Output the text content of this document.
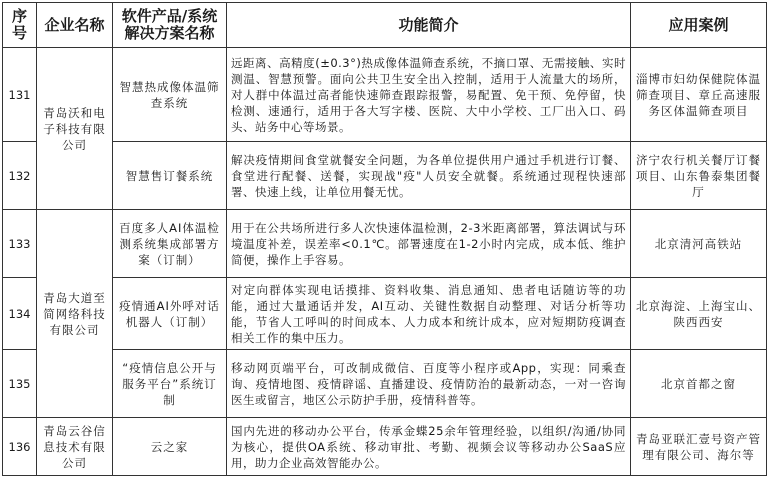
序号	企业名称	软件产品/系统解决方案名称	功能简介	应用案例
131	青岛沃和电子科技有限公司	智慧热成像体温筛查系统	远距离、高精度(±0.3°)热成像体温筛查系统，不摘口罩、无需接触、实时测温、智慧预警。面向公共卫生安全出入控制，适用于人流量大的场所，对人群中体温过高者能快速筛查跟踪报警，易配置、免干预、免停留，快检测、速通行，适用于各大写字楼、医院、大中小学校、工厂出入口、码头、站务中心等场景。	淄博市妇幼保健院体温筛查项目、章丘高速服务区体温筛查项目
132		智慧售订餐系统	解决疫情期间食堂就餐安全问题，为各单位提供用户通过手机进行订餐、食堂进行配餐、送餐，实现战"疫"人员安全就餐。系统通过现程快速部署、快速上线，让单位用餐无忧。	济宁农行机关餐厅订餐项目、山东鲁泰集团餐厅
133	青岛大道至简网络科技有限公司	百度多人AI体温检测系统集成部署方案（订制）	用于在公共场所进行多人次快速体温检测，2-3米距离部署，算法调试与环境温度补差，误差率<0.1℃。部署速度在1-2小时内完成，成本低、维护简便，操作上手容易。	北京清河高铁站
134		疫情通AI外呼对话机器人（订制）	对定向群体实现电话摸排、资料收集、消息通知、患者电话随访等的功能，通过大量通话并发，AI互动、关键性数据自动整理、对话分析等功能，节省人工呼叫的时间成本、人力成本和统计成本，应对短期防疫调查相关工作的集中压力。	北京海淀、上海宝山、陕西西安
135		“疫情信息公开与服务平台”系统订制	移动网页端平台，可改制成微信、百度等小程序或App，实现：同乘查询、疫情地图、疫情辟谣、直播建设、疫情防治的最新动态，一对一咨询医生或留言，地区公示防护手册，疫情科普等。	北京首都之窗
136	青岛云谷信息技术有限公司	云之家	国内先进的移动办公平台，传承金蝶25余年管理经验，以组织/沟通/协同为核心，提供OA系统、移动审批、考勤、视频会议等移动办公SaaS应用，助力企业高效智能办公。	青岛亚联汇壹号资产管理有限公司、海尔等
